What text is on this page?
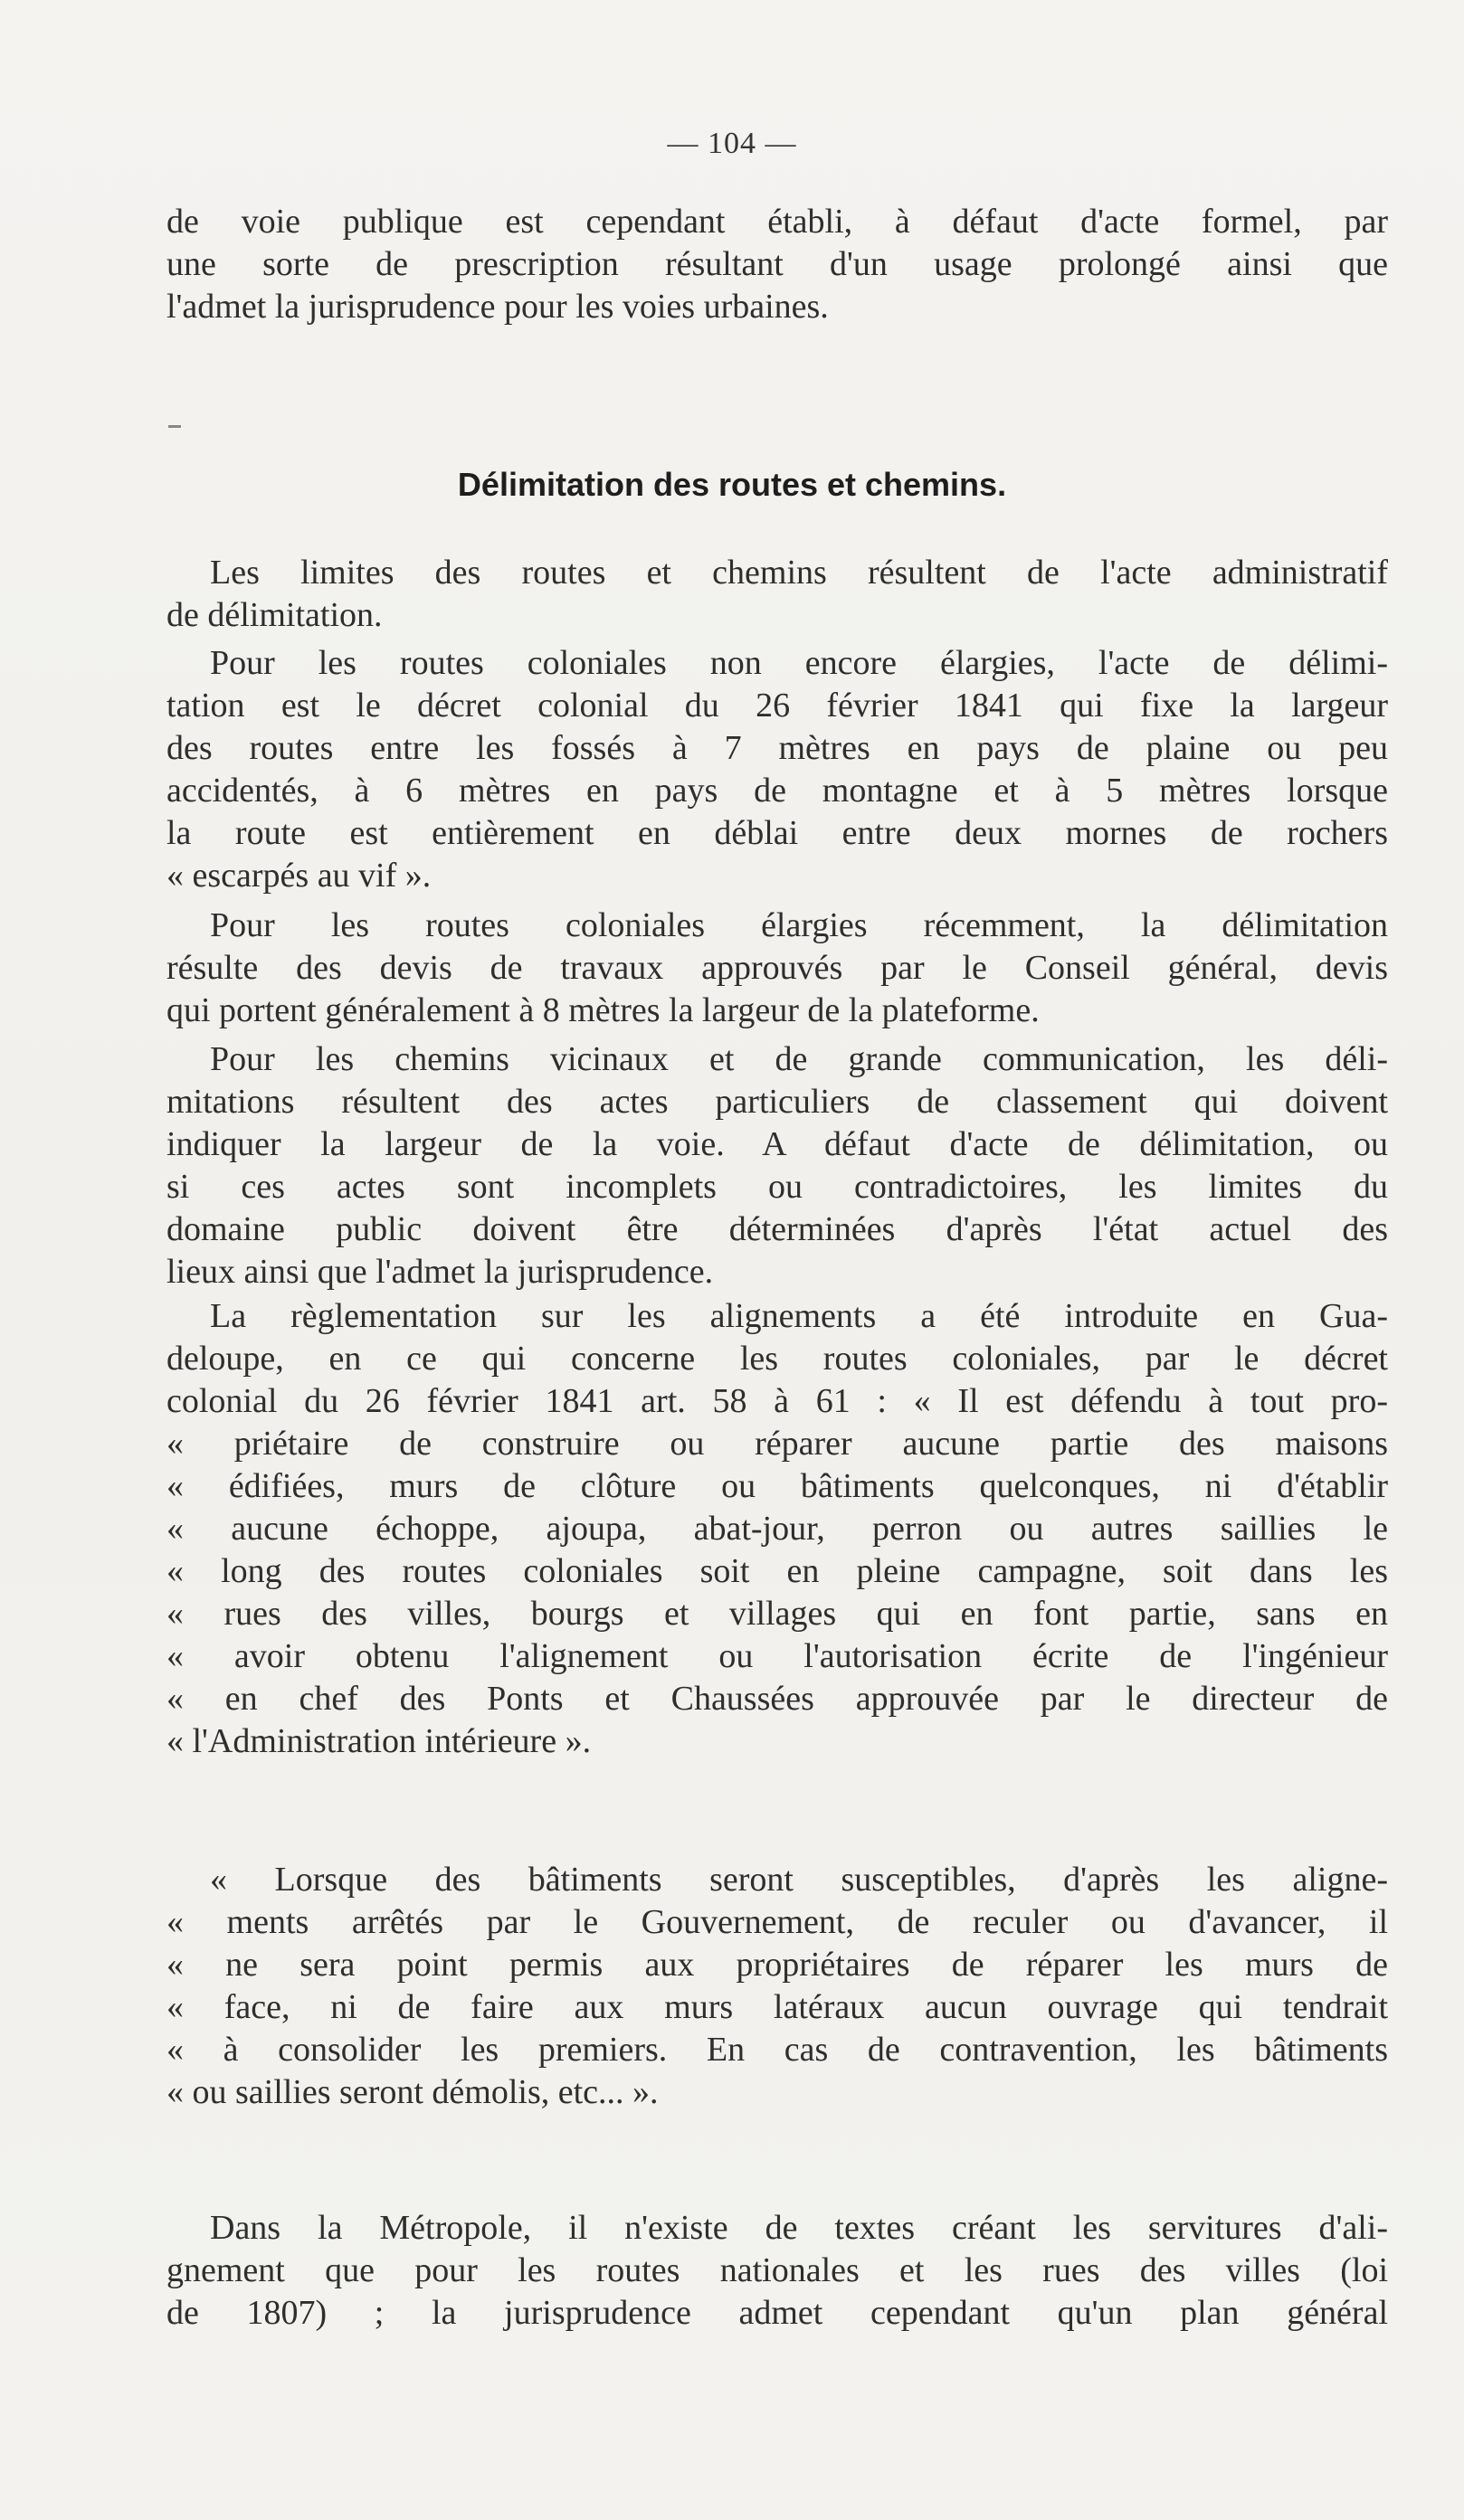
— 104 —
de voie publique est cependant établi, à défaut d'acte formel, par
une sorte de prescription résultant d'un usage prolongé ainsi que
l'admet la jurisprudence pour les voies urbaines.
Délimitation des routes et chemins.
Les limites des routes et chemins résultent de l'acte administratif
de délimitation.
Pour les routes coloniales non encore élargies, l'acte de délimi-
tation est le décret colonial du 26 février 1841 qui fixe la largeur
des routes entre les fossés à 7 mètres en pays de plaine ou peu
accidentés, à 6 mètres en pays de montagne et à 5 mètres lorsque
la route est entièrement en déblai entre deux mornes de rochers
« escarpés au vif ».
Pour les routes coloniales élargies récemment, la délimitation
résulte des devis de travaux approuvés par le Conseil général, devis
qui portent généralement à 8 mètres la largeur de la plateforme.
Pour les chemins vicinaux et de grande communication, les déli-
mitations résultent des actes particuliers de classement qui doivent
indiquer la largeur de la voie. A défaut d'acte de délimitation, ou
si ces actes sont incomplets ou contradictoires, les limites du
domaine public doivent être déterminées d'après l'état actuel des
lieux ainsi que l'admet la jurisprudence.
La règlementation sur les alignements a été introduite en Gua-
deloupe, en ce qui concerne les routes coloniales, par le décret
colonial du 26 février 1841 art. 58 à 61 : « Il est défendu à tout pro-
« priétaire de construire ou réparer aucune partie des maisons
« édifiées, murs de clôture ou bâtiments quelconques, ni d'établir
« aucune échoppe, ajoupa, abat-jour, perron ou autres saillies le
« long des routes coloniales soit en pleine campagne, soit dans les
« rues des villes, bourgs et villages qui en font partie, sans en
« avoir obtenu l'alignement ou l'autorisation écrite de l'ingénieur
« en chef des Ponts et Chaussées approuvée par le directeur de
« l'Administration intérieure ».
« Lorsque des bâtiments seront susceptibles, d'après les aligne-
« ments arrêtés par le Gouvernement, de reculer ou d'avancer, il
« ne sera point permis aux propriétaires de réparer les murs de
« face, ni de faire aux murs latéraux aucun ouvrage qui tendrait
« à consolider les premiers. En cas de contravention, les bâtiments
« ou saillies seront démolis, etc... ».
Dans la Métropole, il n'existe de textes créant les servitures d'ali-
gnement que pour les routes nationales et les rues des villes (loi
de 1807) ; la jurisprudence admet cependant qu'un plan général
